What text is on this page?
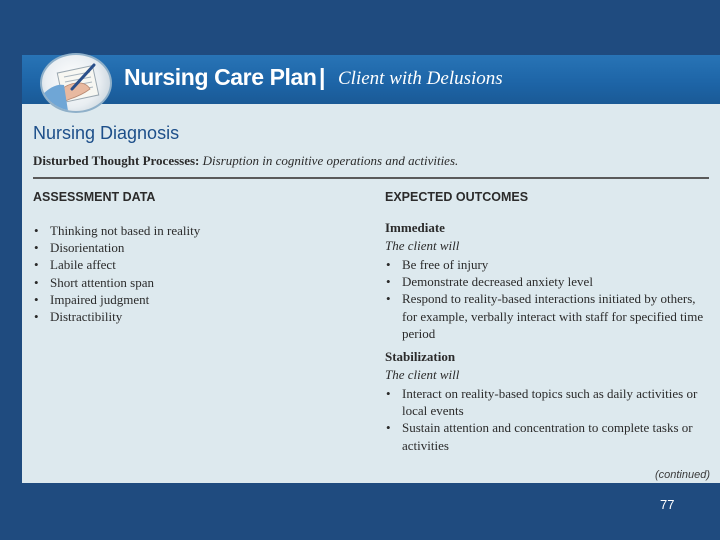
Nursing Care Plan | Client with Delusions
Nursing Diagnosis
Disturbed Thought Processes: Disruption in cognitive operations and activities.
ASSESSMENT DATA	EXPECTED OUTCOMES
• Thinking not based in reality
• Disorientation
• Labile affect
• Short attention span
• Impaired judgment
• Distractibility
Immediate
The client will
• Be free of injury
• Demonstrate decreased anxiety level
• Respond to reality-based interactions initiated by others, for example, verbally interact with staff for specified time period
Stabilization
The client will
• Interact on reality-based topics such as daily activities or local events
• Sustain attention and concentration to complete tasks or activities
(continued)
77
